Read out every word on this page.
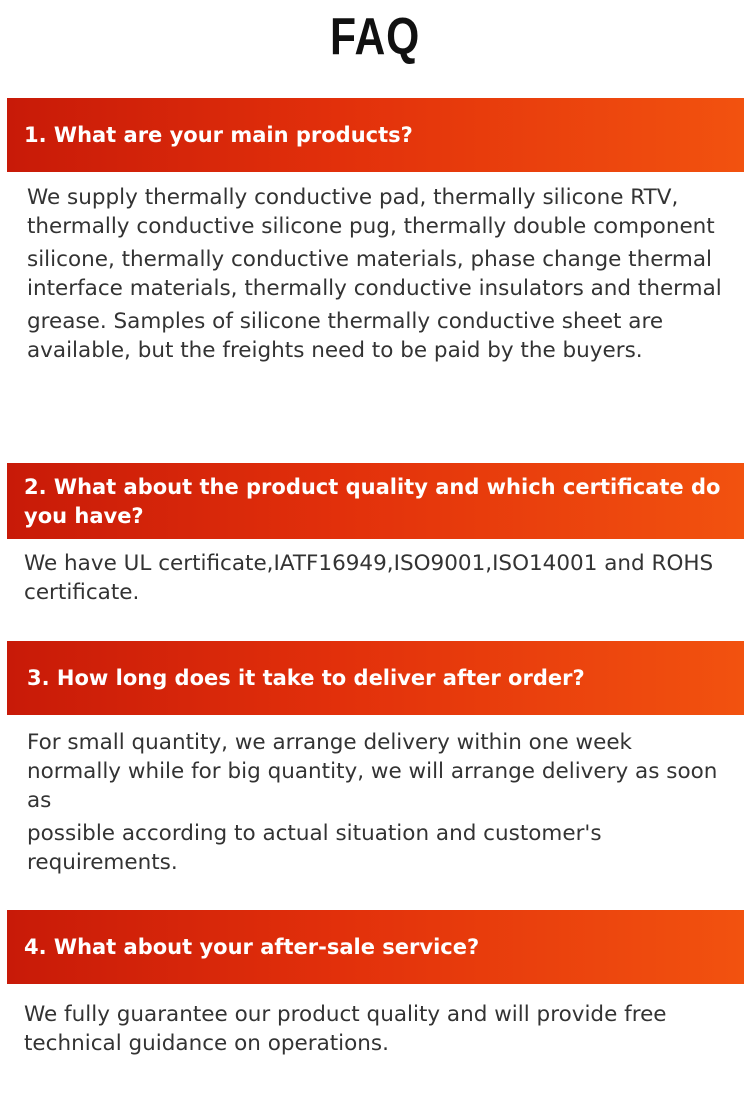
FAQ
1. What are your main products?

We supply thermally conductive pad, thermally silicone RTV, thermally conductive silicone pug, thermally double component

silicone, thermally conductive materials, phase change thermal interface materials, thermally conductive insulators and thermal

grease. Samples of silicone thermally conductive sheet are available, but the freights need to be paid by the buyers.

2. What about the product quality and which certificate do you have?

We have UL certificate,IATF16949,ISO9001,ISO14001 and ROHS certificate.

3. How long does it take to deliver after order?

For small quantity, we arrange delivery within one week normally while for big quantity, we will arrange delivery as soon as

possible according to actual situation and customer's requirements.

4. What about your after-sale service?

We fully guarantee our product quality and will provide free technical guidance on operations.
